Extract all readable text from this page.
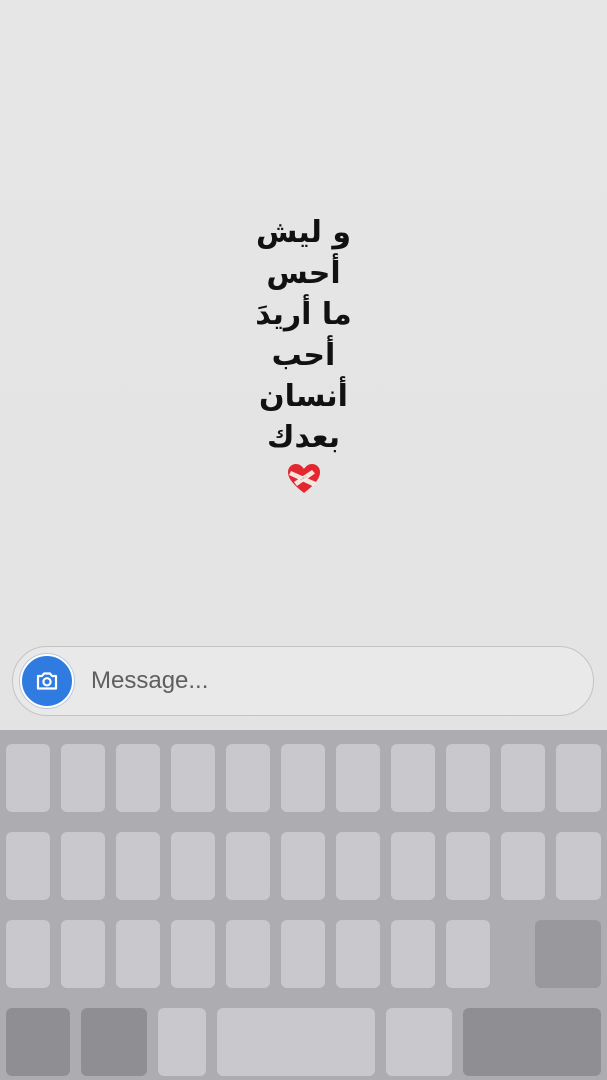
و ليش
أحس
ما أريدَ
أحب
أنسان
بعدك
Message...
